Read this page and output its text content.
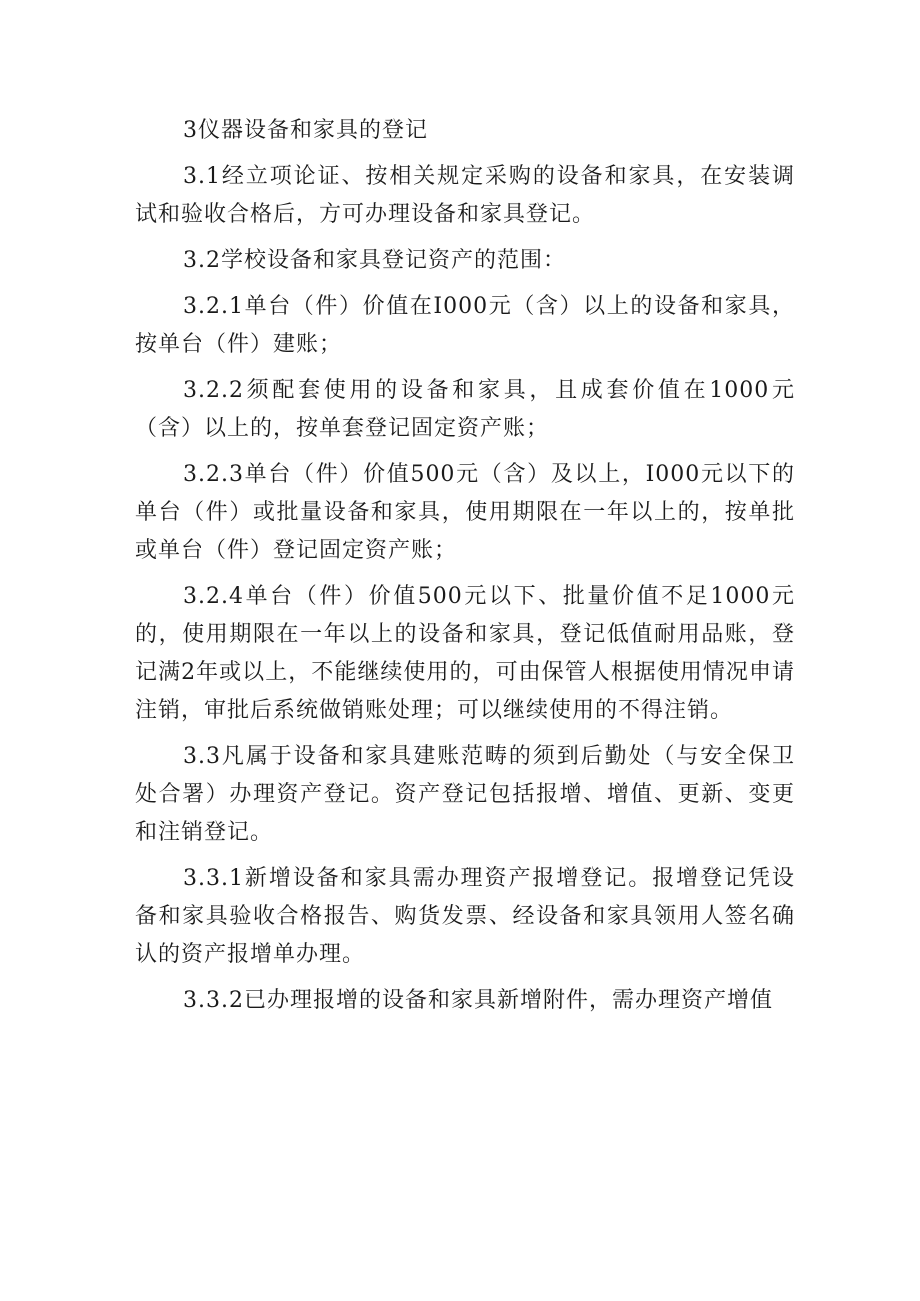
3仪器设备和家具的登记

3.1经立项论证、按相关规定采购的设备和家具，在安装调试和验收合格后，方可办理设备和家具登记。

3.2学校设备和家具登记资产的范围：

3.2.1单台（件）价值在I000元（含）以上的设备和家具，按单台（件）建账；

3.2.2须配套使用的设备和家具，且成套价值在1000元（含）以上的，按单套登记固定资产账；

3.2.3单台（件）价值500元（含）及以上，I000元以下的单台（件）或批量设备和家具，使用期限在一年以上的，按单批或单台（件）登记固定资产账；

3.2.4单台（件）价值500元以下、批量价值不足1000元的，使用期限在一年以上的设备和家具，登记低值耐用品账，登记满2年或以上，不能继续使用的，可由保管人根据使用情况申请注销，审批后系统做销账处理；可以继续使用的不得注销。

3.3凡属于设备和家具建账范畴的须到后勤处（与安全保卫处合署）办理资产登记。资产登记包括报增、增值、更新、变更和注销登记。

3.3.1新增设备和家具需办理资产报增登记。报增登记凭设备和家具验收合格报告、购货发票、经设备和家具领用人签名确认的资产报增单办理。

3.3.2已办理报增的设备和家具新增附件，需办理资产增值
